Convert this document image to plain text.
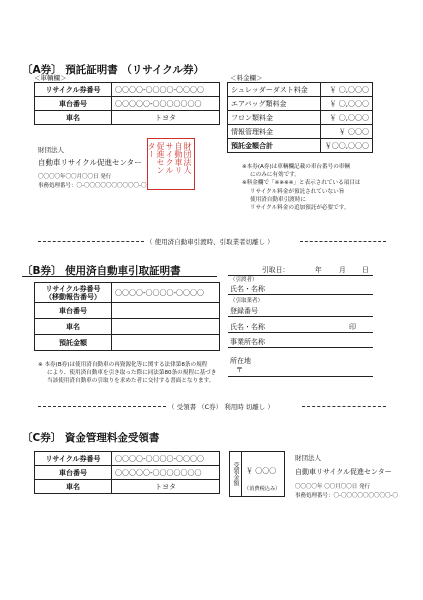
〔A券〕 預託証明書 （リサイクル券）
＜車輌欄＞	＜料金欄＞
リサイクル券番号	〇〇〇〇-〇〇〇〇-〇〇〇〇
車台番号	〇〇〇〇〇-〇〇〇〇〇〇〇
車名	トヨタ
シュレッダーダスト料金	￥ 〇,〇〇〇
エアバッグ類料金	￥ 〇,〇〇〇
フロン類料金	￥ 〇,〇〇〇
情報管理料金	￥ 〇〇〇
預託金額合計	￥〇〇,〇〇〇
財団法人
自動車リサイクル促進センター
〇〇〇〇年〇〇月〇〇日 発行
事務処理番号：〇-〇〇〇〇〇〇〇〇〇〇-〇
財団法人
自動車リ
サイクル
促進セン
ター
※本券(A券)は車輌欄記載の車台番号の車輌
にのみに有効です。
※料金欄で「※※※※」と表示されている項目は
リサイクル料金が預託されていない旨
使用済自動車引渡時に
リサイクル料金の追加預託が必要です。
（ 使用済自動車引渡時、引取業者切離し ）
〔B券〕 使用済自動車引取証明書	引取日：	年	月 日
リサイクル券番号
（移動報告番号）	〇〇〇〇-〇〇〇〇-〇〇〇〇
車台番号	
車名	
預託金額	
（引渡者）
氏名・名称
（引取業者）
登録番号
氏名・名称	印
事業所名称
所在地
〒
※ 本券(B券)は使用済自動車の再資源化等に関する法律第8条の規程
により、使用済自動車を引き取った際に同法第80条の規程に基づき
当該使用済自動車の引取りを求めた者に交付する書面となります。
（ 受領書 （C券） 利用時 切離し ）
〔C券〕 資金管理料金受領書
リサイクル券番号	〇〇〇〇-〇〇〇〇-〇〇〇〇
車台番号	〇〇〇〇〇-〇〇〇〇〇〇〇
車名	トヨタ
受領金額	￥ 〇〇〇
（消費税込み）
財団法人
自動車リサイクル促進センター
〇〇〇〇年 〇〇月〇〇日 発行
事務処理番号：〇-〇〇〇〇〇〇〇〇〇-〇
